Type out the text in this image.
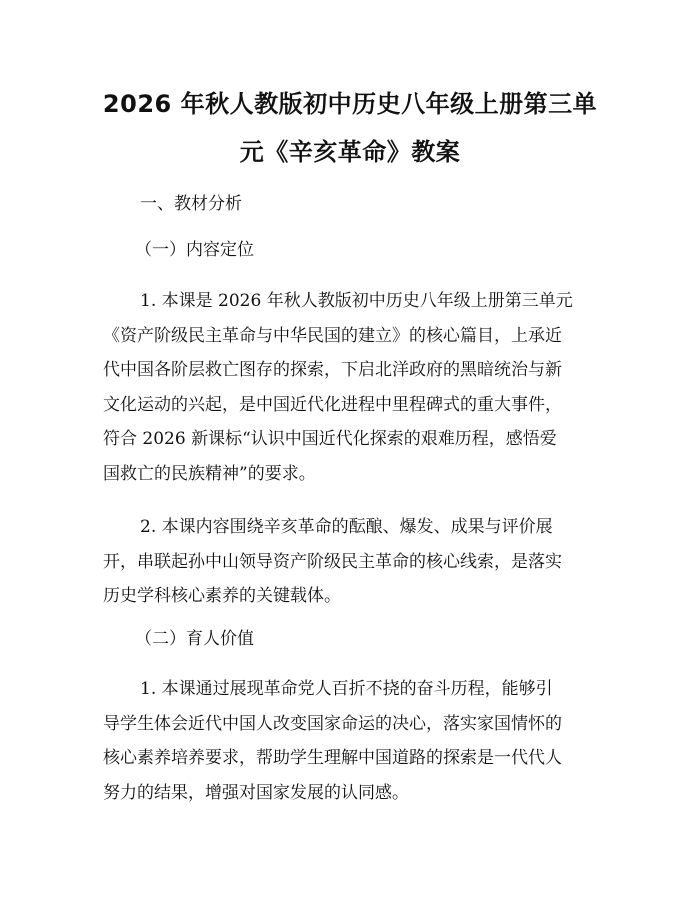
2026 年秋人教版初中历史八年级上册第三单
元《辛亥革命》教案
一、教材分析
（一）内容定位
1. 本课是 2026 年秋人教版初中历史八年级上册第三单元
《资产阶级民主革命与中华民国的建立》的核心篇目，上承近
代中国各阶层救亡图存的探索，下启北洋政府的黑暗统治与新
文化运动的兴起，是中国近代化进程中里程碑式的重大事件，
符合 2026 新课标“认识中国近代化探索的艰难历程，感悟爱
国救亡的民族精神”的要求。
2. 本课内容围绕辛亥革命的酝酿、爆发、成果与评价展
开，串联起孙中山领导资产阶级民主革命的核心线索，是落实
历史学科核心素养的关键载体。
（二）育人价值
1. 本课通过展现革命党人百折不挠的奋斗历程，能够引
导学生体会近代中国人改变国家命运的决心，落实家国情怀的
核心素养培养要求，帮助学生理解中国道路的探索是一代代人
努力的结果，增强对国家发展的认同感。
